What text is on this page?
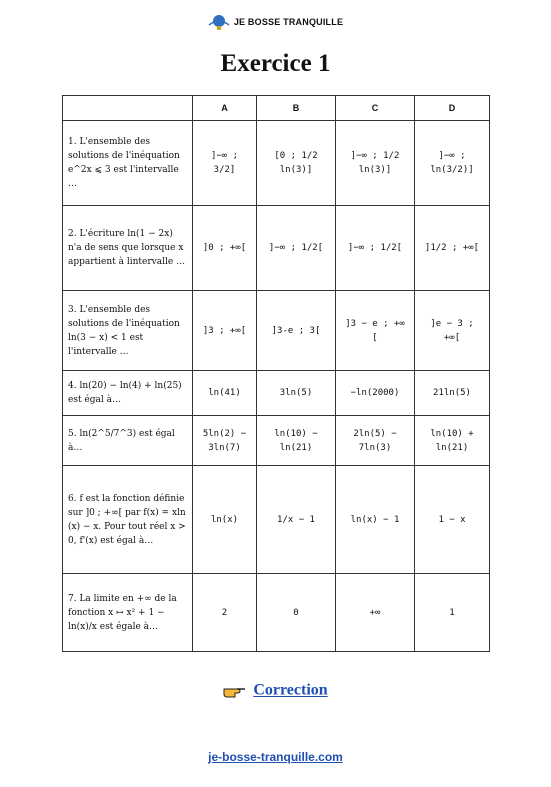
JE BOSSE TRANQUILLE
Exercice 1
	A	B	C	D
1. L'ensemble des solutions de l'inéquation e^2x ⩽ 3 est l'intervalle …	]−∞ ; 3/2]	[0 ; 1/2 ln(3)]	]−∞ ; 1/2 ln(3)]	]−∞ ; ln(3/2)]
2. L'écriture ln(1 − 2x) n'a de sens que lorsque x appartient à lintervalle …	]0 ; +∞[	]−∞ ; 1/2[	]−∞ ; 1/2[	]1/2 ; +∞[
3. L'ensemble des solutions de l'inéquation ln(3 − x) < 1 est l'intervalle …	]3 ; +∞[	]3-e ; 3[	]3 − e ; +∞ [	]e − 3 ; +∞[
4. ln(20) − ln(4) + ln(25) est égal à…	ln(41)	3ln(5)	−ln(2000)	21ln(5)
5. ln(2^5/7^3) est égal à…	5ln(2) − 3ln(7)	ln(10) − ln(21)	2ln(5) − 7ln(3)	ln(10) + ln(21)
6. f est la fonction définie sur ]0 ; +∞[ par f(x) = xln (x) − x. Pour tout réel x > 0, f'(x) est égal à…	ln(x)	1/x − 1	ln(x) − 1	1 − x
7. La limite en +∞ de la fonction x ↦ x² + 1 − ln(x)/x est égale à…	2	0	+∞	1
Correction
je-bosse-tranquille.com
